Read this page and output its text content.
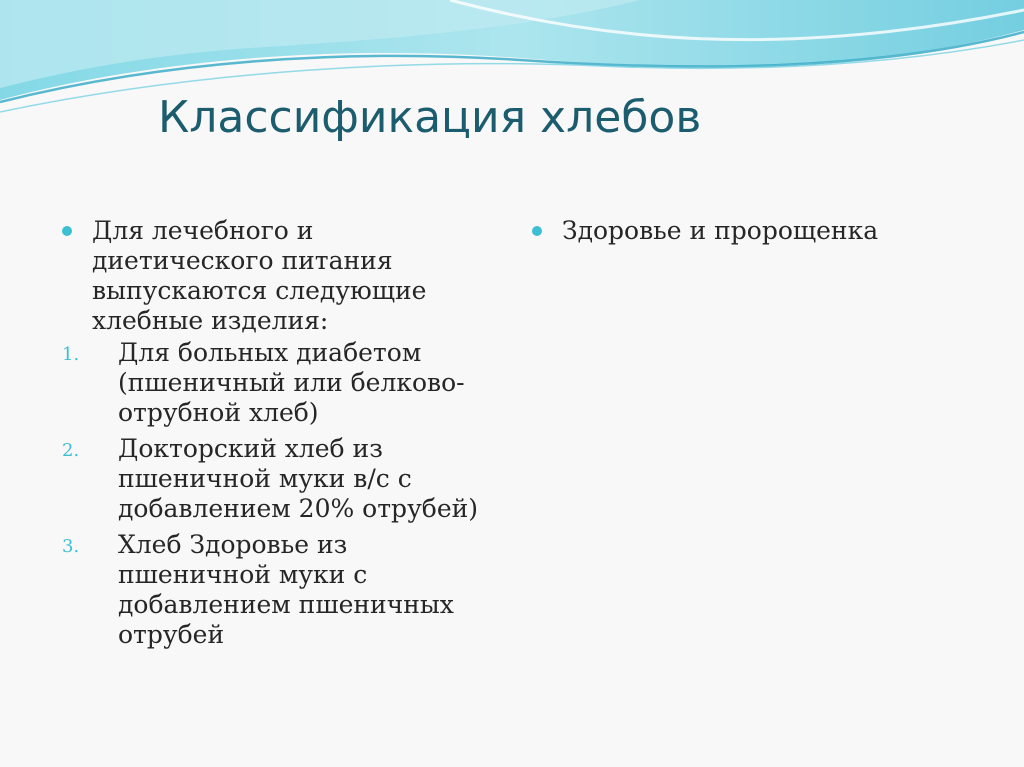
Классификация хлебов
Для лечебного и диетического питания выпускаются следующие хлебные изделия:
1.	Для больных диабетом (пшеничный или белково-отрубной хлеб)
2.	Докторский хлеб из пшеничной муки в/с с добавлением 20% отрубей)
3.	Хлеб Здоровье из пшеничной муки с добавлением пшеничных отрубей
Здоровье и пророщенка
